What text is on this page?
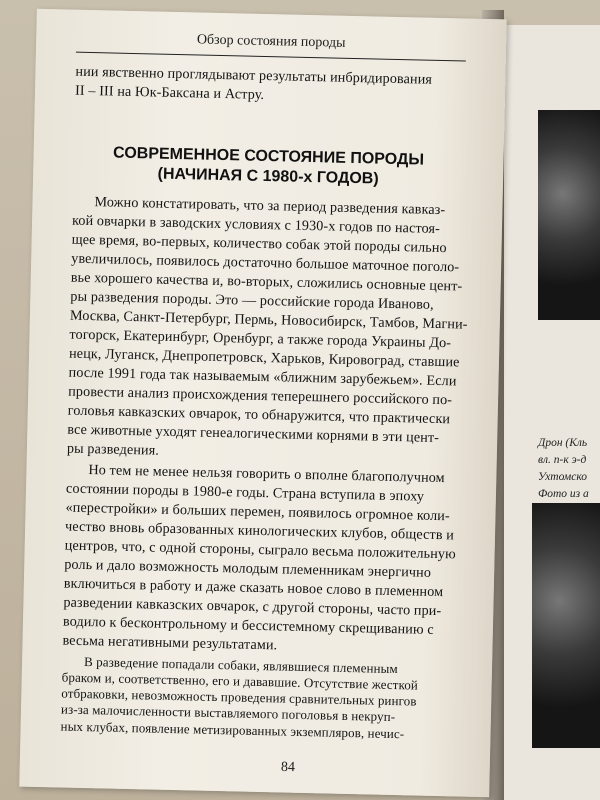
Дрон (Кль
вл. п-к э-д
Ухтомско
Фото из а
Обзор состояния породы
нии явственно проглядывают результаты инбридирования
II – III на Юк-Баксана и Астру.
СОВРЕМЕННОЕ СОСТОЯНИЕ ПОРОДЫ
(НАЧИНАЯ С 1980-х ГОДОВ)
Можно констатировать, что за период разведения кавказ-
кой овчарки в заводских условиях с 1930-х годов по настоя-
щее время, во-первых, количество собак этой породы сильно
увеличилось, появилось достаточно большое маточное поголо-
вье хорошего качества и, во-вторых, сложились основные цент-
ры разведения породы. Это — российские города Иваново,
Москва, Санкт-Петербург, Пермь, Новосибирск, Тамбов, Магни-
тогорск, Екатеринбург, Оренбург, а также города Украины До-
нецк, Луганск, Днепропетровск, Харьков, Кировоград, ставшие
после 1991 года так называемым «ближним зарубежьем». Если
провести анализ происхождения теперешнего российского по-
головья кавказских овчарок, то обнаружится, что практически
все животные уходят генеалогическими корнями в эти цент-
ры разведения.
Но тем не менее нельзя говорить о вполне благополучном
состоянии породы в 1980-е годы. Страна вступила в эпоху
«перестройки» и больших перемен, появилось огромное коли-
чество вновь образованных кинологических клубов, обществ и
центров, что, с одной стороны, сыграло весьма положительную
роль и дало возможность молодым племенникам энергично
включиться в работу и даже сказать новое слово в племенном
разведении кавказских овчарок, с другой стороны, часто при-
водило к бесконтрольному и бессистемному скрещиванию с
весьма негативными результатами.
В разведение попадали собаки, являвшиеся племенным
браком и, соответственно, его и дававшие. Отсутствие жесткой
отбраковки, невозможность проведения сравнительных рингов
из-за малочисленности выставляемого поголовья в некруп-
ных клубах, появление метизированных экземпляров, нечис-
84
